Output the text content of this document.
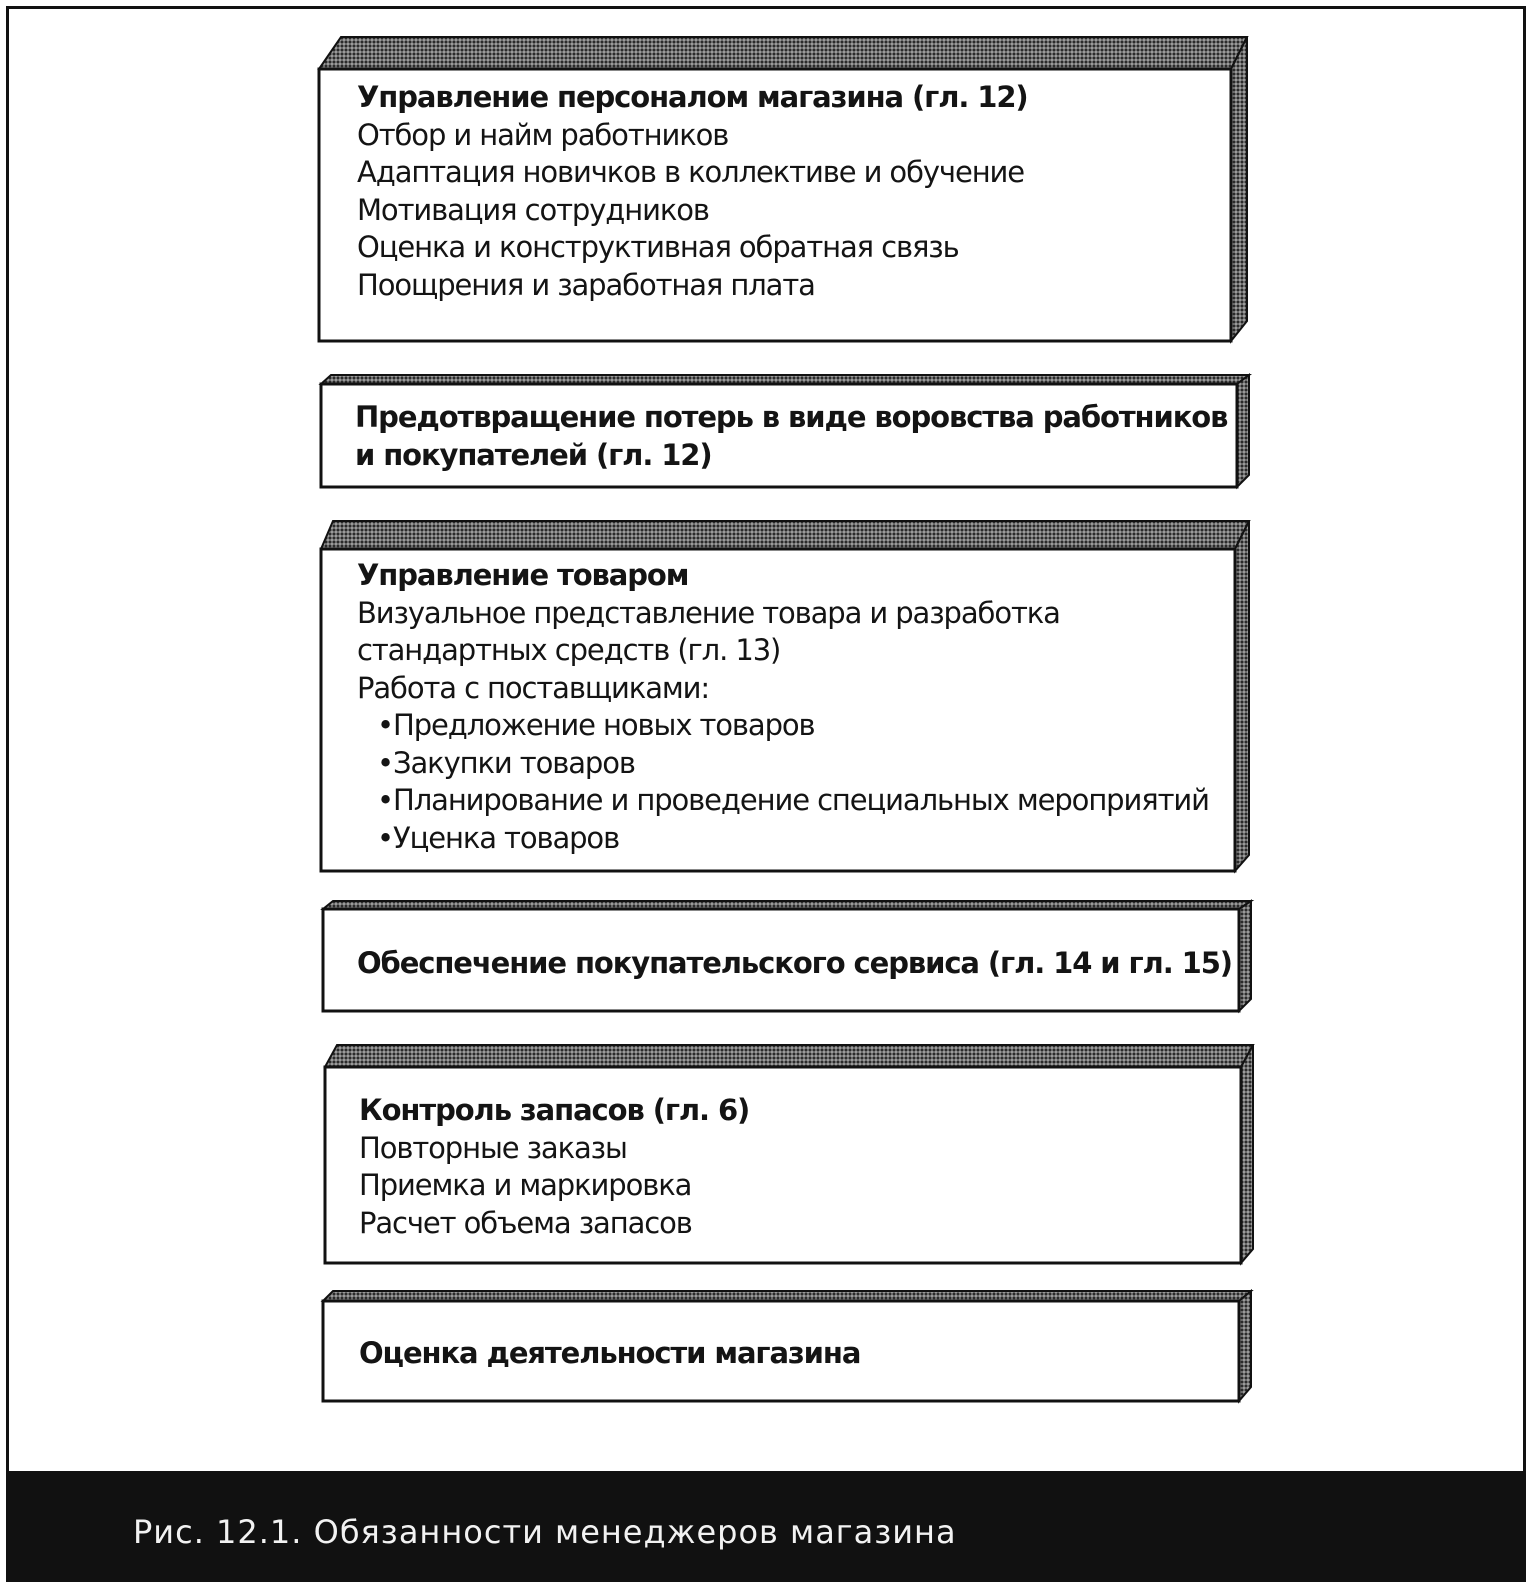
Управление персоналом магазина (гл. 12)
Отбор и найм работников
Адаптация новичков в коллективе и обучение
Мотивация сотрудников
Оценка и конструктивная обратная связь
Поощрения и заработная плата
Предотвращение потерь в виде воровства работников
и покупателей (гл. 12)
Управление товаром
Визуальное представление товара и разработка
стандартных средств (гл. 13)
Работа с поставщиками:
•Предложение новых товаров
•Закупки товаров
•Планирование и проведение специальных мероприятий
•Уценка товаров
Обеспечение покупательского сервиса (гл. 14 и гл. 15)
Контроль запасов (гл. 6)
Повторные заказы
Приемка и маркировка
Расчет объема запасов
Оценка деятельности магазина
Рис. 12.1. Обязанности менеджеров магазина
